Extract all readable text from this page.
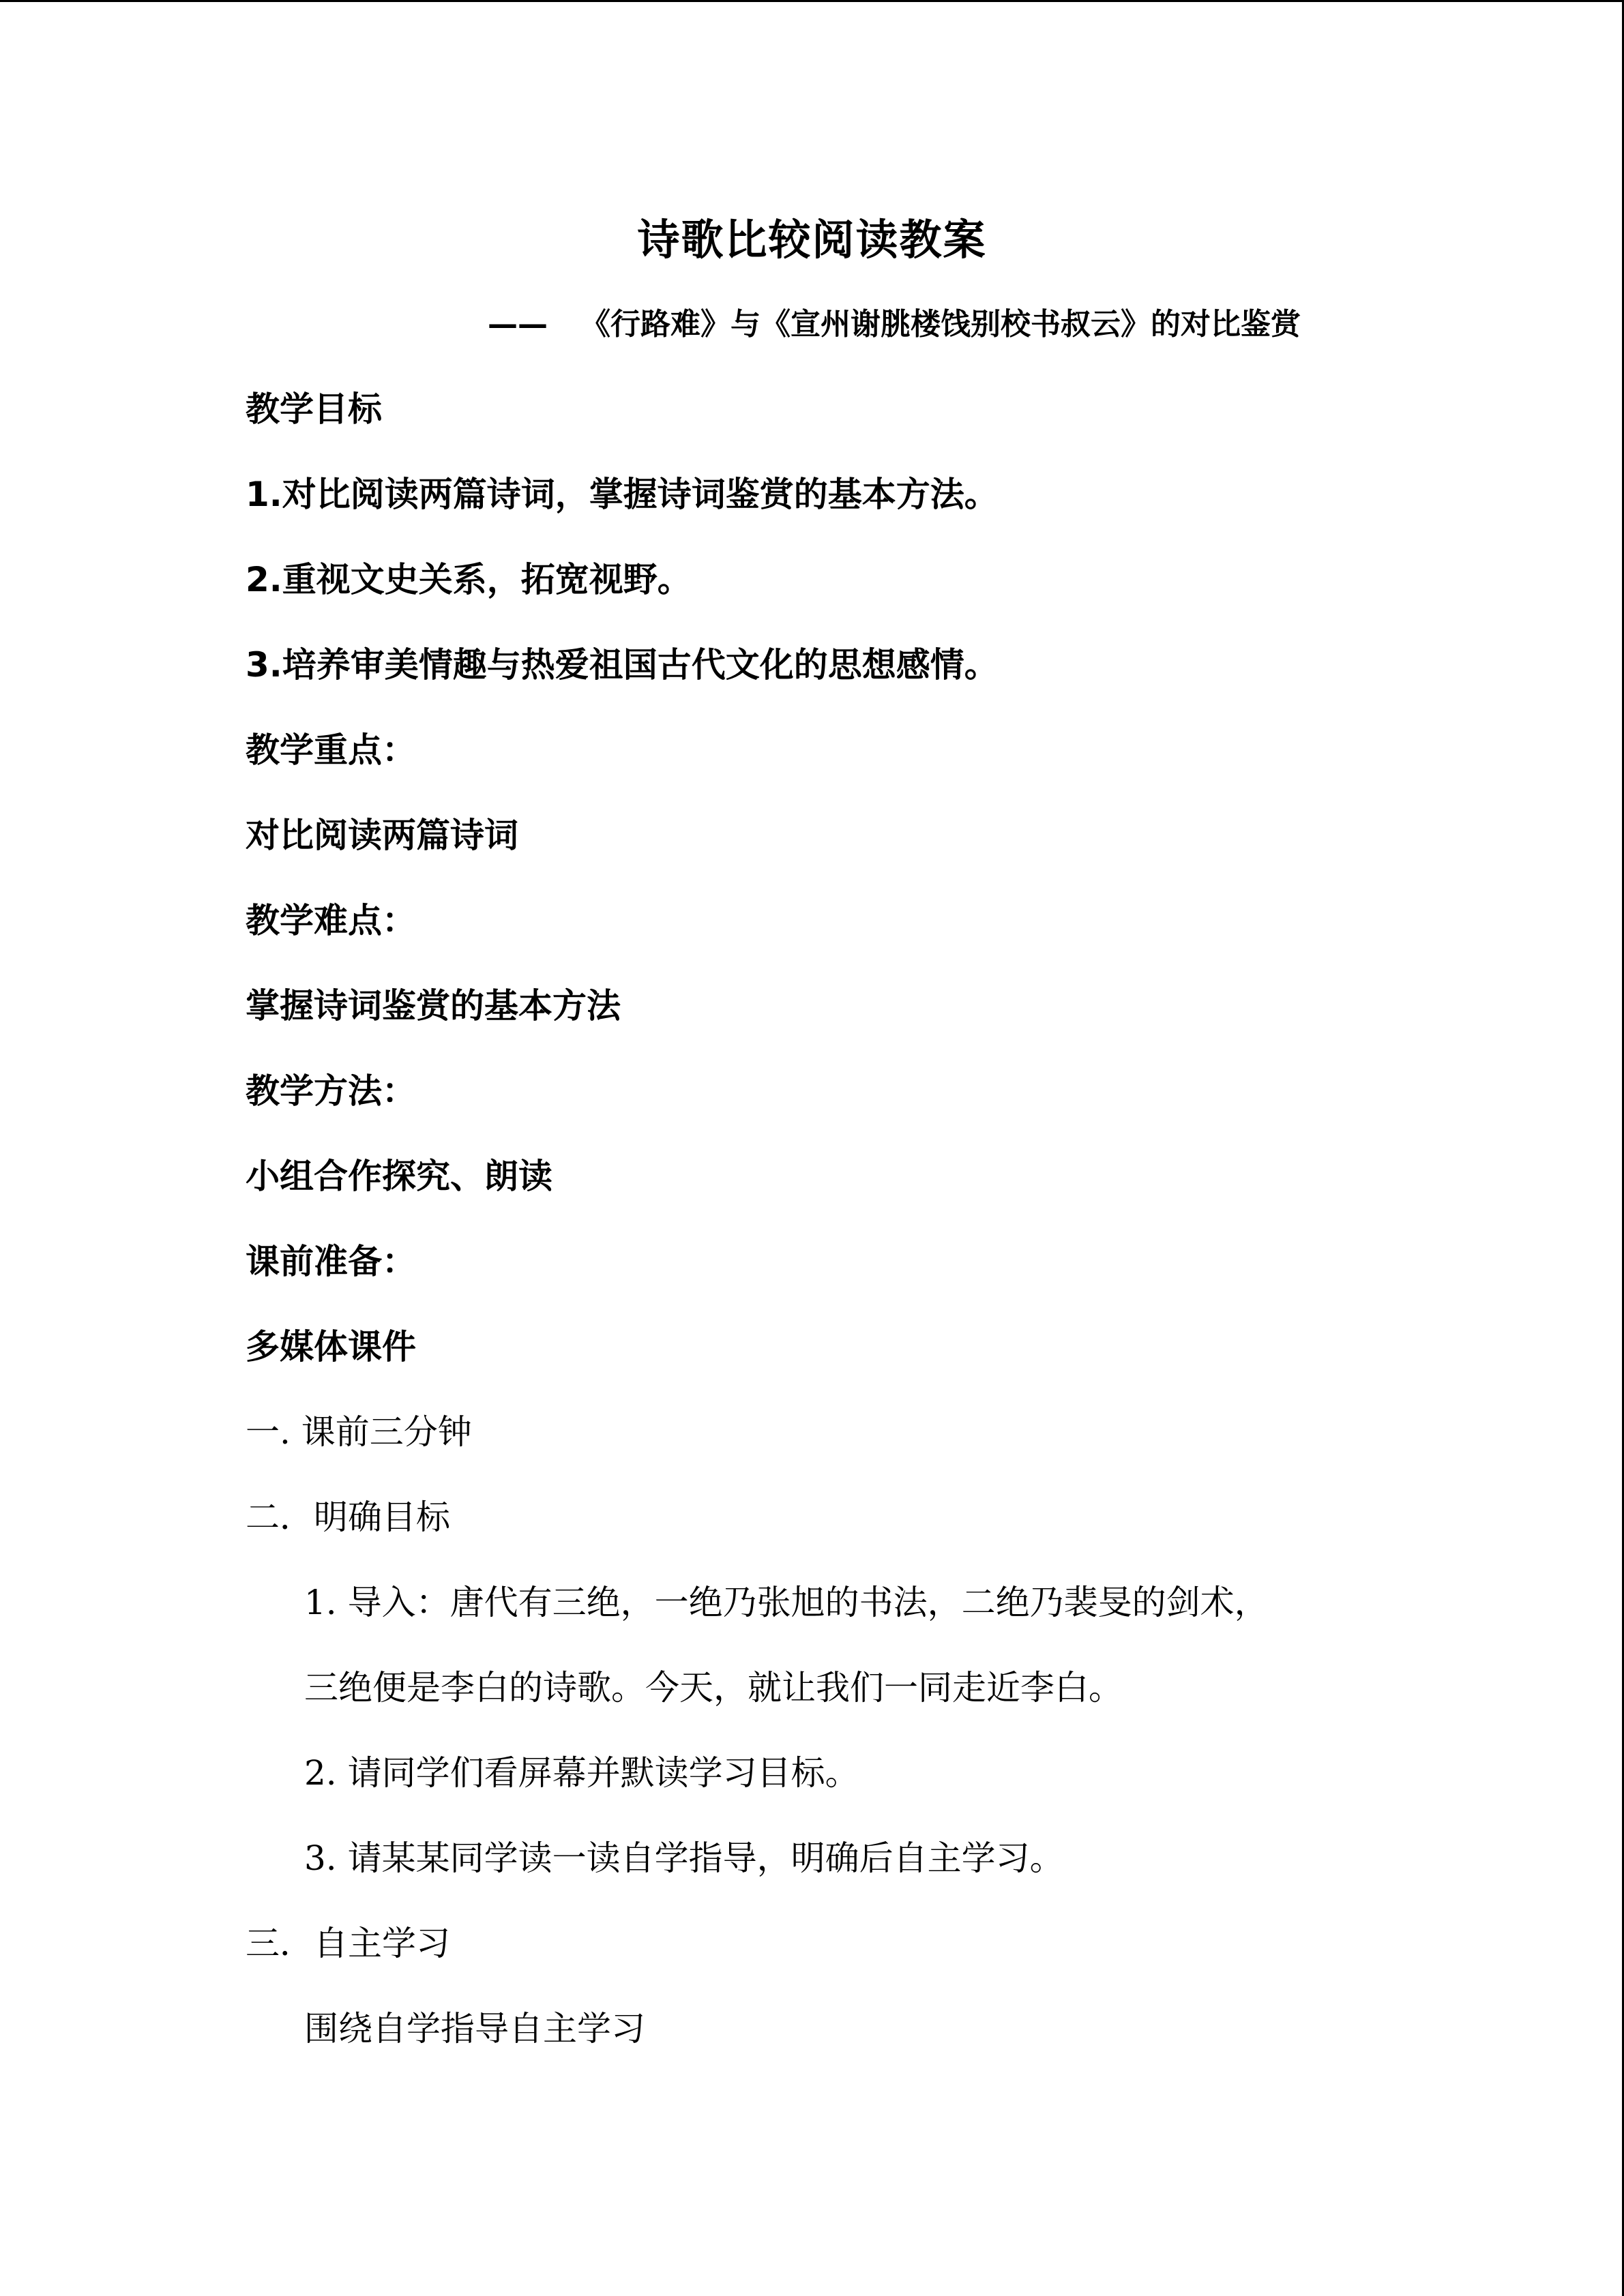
诗歌比较阅读教案
—— 《行路难》与《宣州谢朓楼饯别校书叔云》的对比鉴赏
教学目标
1.对比阅读两篇诗词，掌握诗词鉴赏的基本方法。
2.重视文史关系，拓宽视野。
3.培养审美情趣与热爱祖国古代文化的思想感情。
教学重点：
对比阅读两篇诗词
教学难点：
掌握诗词鉴赏的基本方法
教学方法：
小组合作探究、朗读
课前准备：
多媒体课件
一. 课前三分钟
二．明确目标
1. 导入：唐代有三绝，一绝乃张旭的书法，二绝乃裴旻的剑术，
三绝便是李白的诗歌。今天，就让我们一同走近李白。
2. 请同学们看屏幕并默读学习目标。
3. 请某某同学读一读自学指导，明确后自主学习。
三．自主学习
围绕自学指导自主学习
